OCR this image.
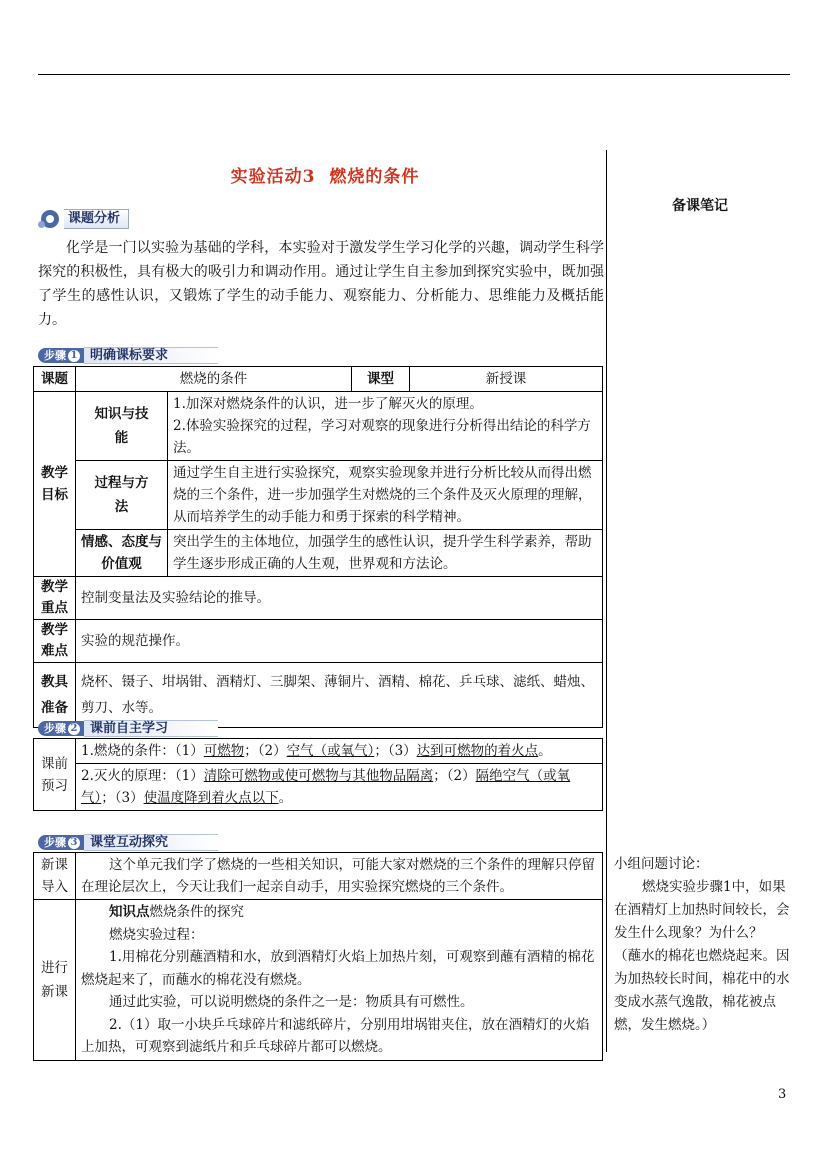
实验活动3 燃烧的条件
备课笔记
课题分析

化学是一门以实验为基础的学科，本实验对于激发学生学习化学的兴趣，调动学生科学探究的积极性，具有极大的吸引力和调动作用。通过让学生自主参加到探究实验中，既加强了学生的感性认识，又锻炼了学生的动手能力、观察能力、分析能力、思维能力及概括能力。

步骤 1 明确课标要求
课题	燃烧的条件		课型	新授课
教学目标	知识与技能	1.加深对燃烧条件的认识，进一步了解灭火的原理。
2.体验实验探究的过程，学习对观察的现象进行分析得出结论的科学方法。		

	过程与方法	通过学生自主进行实验探究，观察实验现象并进行分析比较从而得出燃烧的三个条件，进一步加强学生对燃烧的三个条件及灭火原理的理解，从而培养学生的动手能力和勇于探索的科学精神。		
	情感、态度与价值观	突出学生的主体地位，加强学生的感性认识，提升学生科学素养，帮助学生逐步形成正确的人生观，世界观和方法论。		
教学重点	控制变量法及实验结论的推导。			
教学难点	实验的规范操作。			
教具准备	烧杯、镊子、坩埚钳、酒精灯、三脚架、薄铜片、酒精、棉花、乒乓球、滤纸、蜡烛、剪刀、水等。			
步骤 2 课前自主学习
课前预习	1.燃烧的条件：（1）可燃物；（2）空气（或氧气）；（3）达到可燃物的着火点。
2.灭火的原理：（1）清除可燃物或使可燃物与其他物品隔离；（2）隔绝空气（或氧气）；（3）使温度降到着火点以下。
步骤 3 课堂互动探究
新课导入	这个单元我们学了燃烧的一些相关知识，可能大家对燃烧的三个条件的理解只停留在理论层次上，今天让我们一起亲自动手，用实验探究燃烧的三个条件。
进行新课	知识点燃烧条件的探究
燃烧实验过程：
1.用棉花分别蘸酒精和水，放到酒精灯火焰上加热片刻，可观察到蘸有酒精的棉花燃烧起来了，而蘸水的棉花没有燃烧。
通过此实验，可以说明燃烧的条件之一是：物质具有可燃性。
2.（1）取一小块乒乓球碎片和滤纸碎片，分别用坩埚钳夹住，放在酒精灯的火焰上加热，可观察到滤纸片和乒乓球碎片都可以燃烧。

小组问题讨论：

燃烧实验步骤1中，如果在酒精灯上加热时间较长，会发生什么现象？为什么？

（蘸水的棉花也燃烧起来。因为加热较长时间，棉花中的水变成水蒸气逸散，棉花被点燃，发生燃烧。）

3
